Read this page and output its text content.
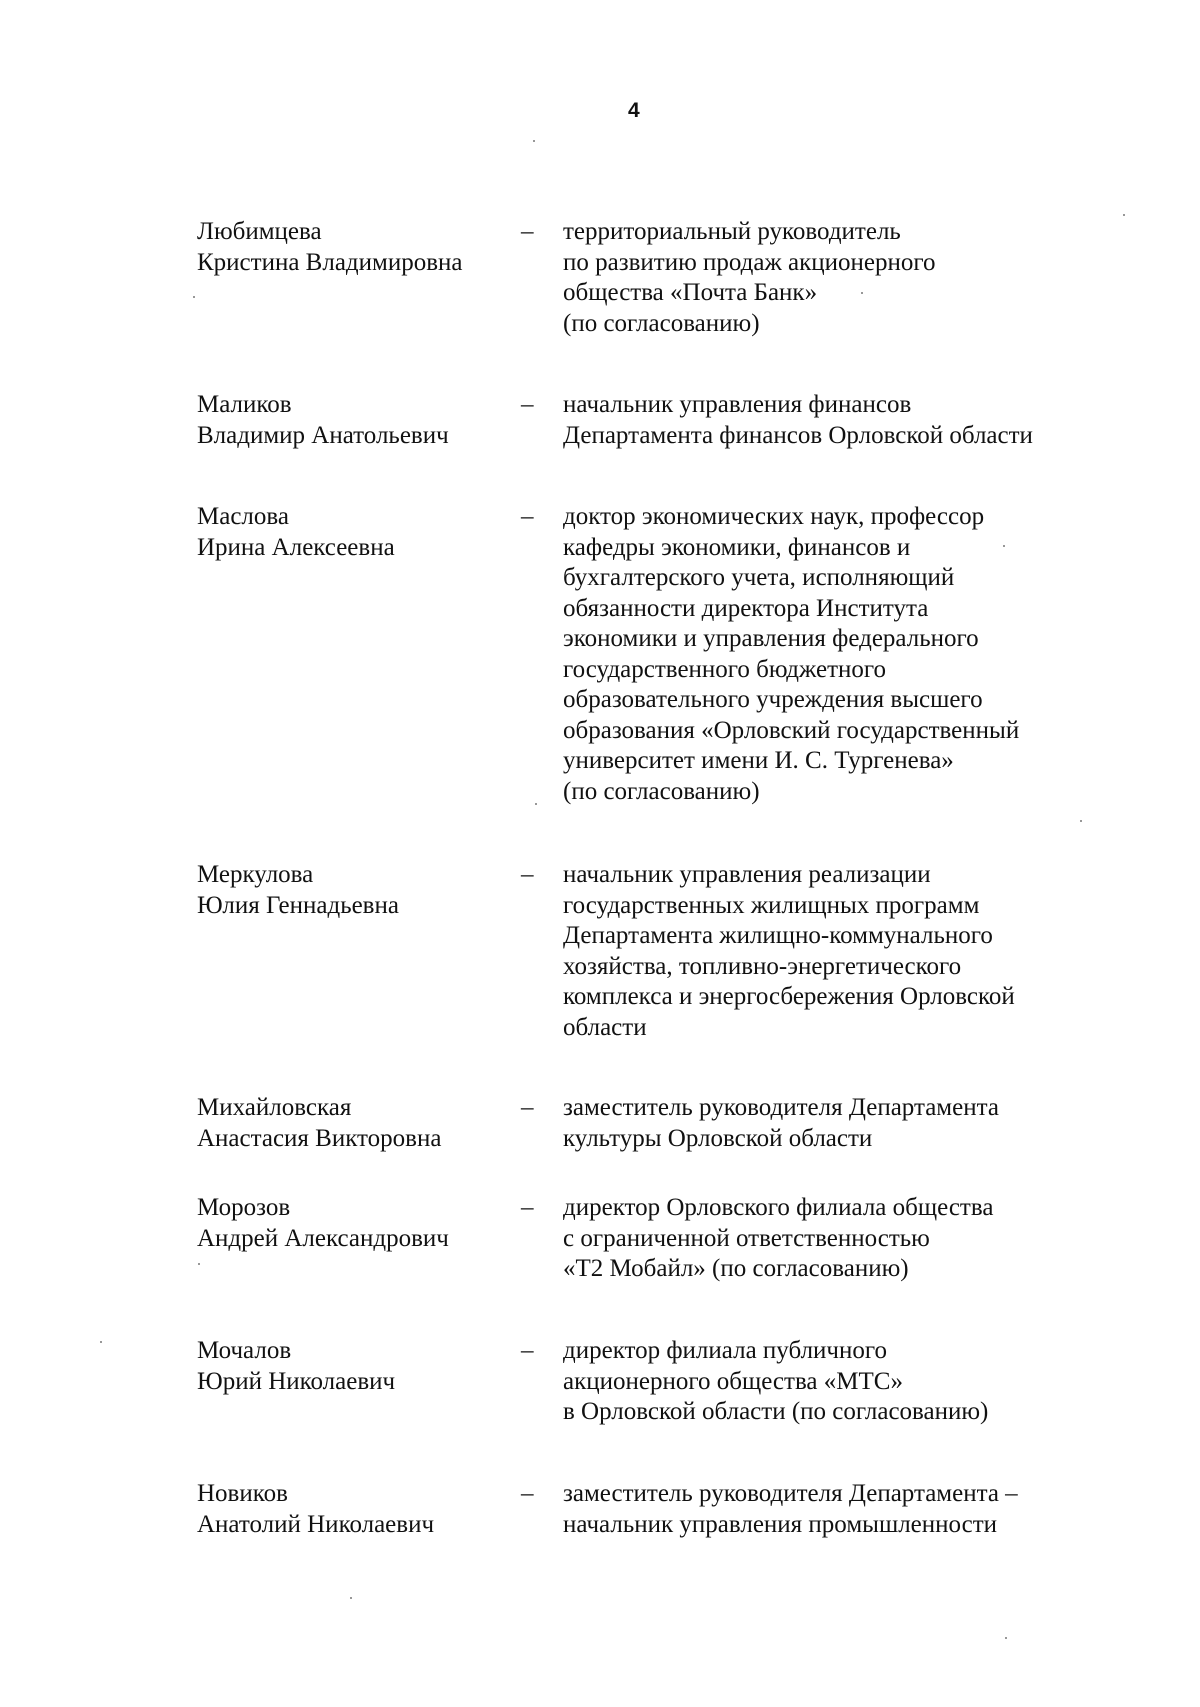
4
Любимцева
Кристина Владимировна
– территориальный руководитель
по развитию продаж акционерного
общества «Почта Банк»
(по согласованию)
Маликов
Владимир Анатольевич
– начальник управления финансов
Департамента финансов Орловской области
Маслова
Ирина Алексеевна
– доктор экономических наук, профессор
кафедры экономики, финансов и
бухгалтерского учета, исполняющий
обязанности директора Института
экономики и управления федерального
государственного бюджетного
образовательного учреждения высшего
образования «Орловский государственный
университет имени И. С. Тургенева»
(по согласованию)
Меркулова
Юлия Геннадьевна
– начальник управления реализации
государственных жилищных программ
Департамента жилищно-коммунального
хозяйства, топливно-энергетического
комплекса и энергосбережения Орловской
области
Михайловская
Анастасия Викторовна
– заместитель руководителя Департамента
культуры Орловской области
Морозов
Андрей Александрович
– директор Орловского филиала общества
с ограниченной ответственностью
«Т2 Мобайл» (по согласованию)
Мочалов
Юрий Николаевич
– директор филиала публичного
акционерного общества «МТС»
в Орловской области (по согласованию)
Новиков
Анатолий Николаевич
– заместитель руководителя Департамента –
начальник управления промышленности
